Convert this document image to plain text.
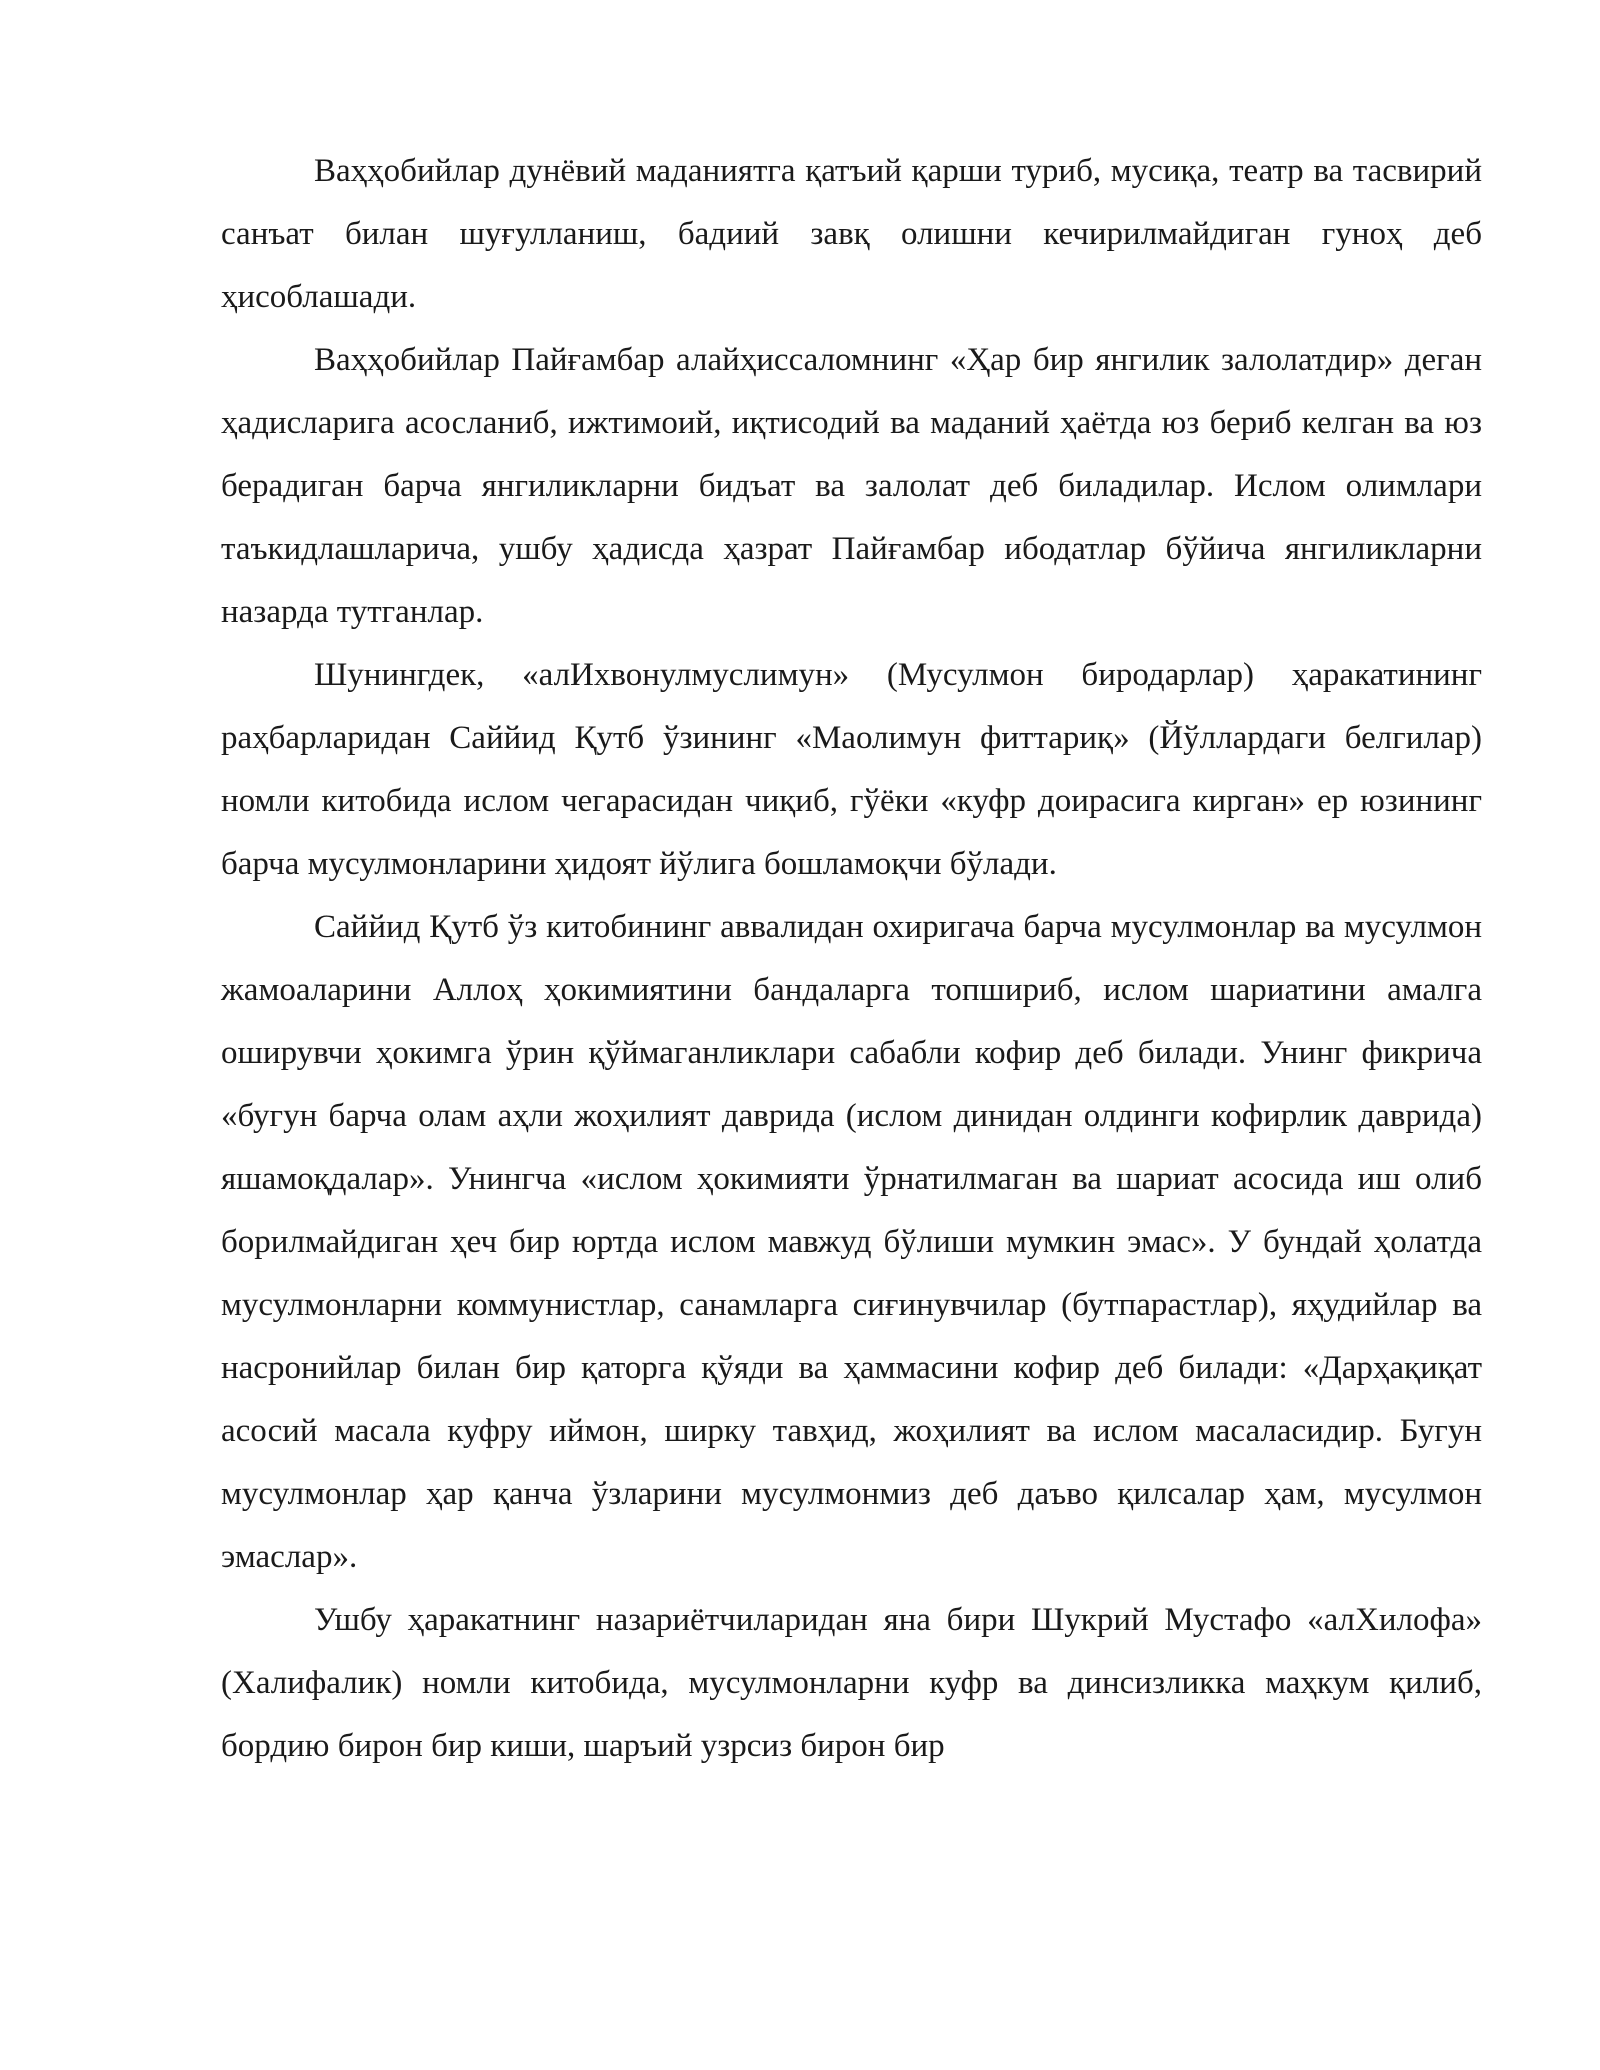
Ваҳҳобийлар дунёвий маданиятга қатъий қарши туриб, мусиқа, театр ва тасвирий санъат билан шуғулланиш, бадиий завқ олишни кечирилмайдиган гуноҳ деб ҳисоблашади.

Ваҳҳобийлар Пайғамбар алайҳиссаломнинг «Ҳар бир янгилик залолатдир» деган ҳадисларига асосланиб, ижтимоий, иқтисодий ва маданий ҳаётда юз бериб келган ва юз берадиган барча янгиликларни бидъат ва залолат деб биладилар. Ислом олимлари таъкидлашларича, ушбу ҳадисда ҳазрат Пайғамбар ибодатлар бўйича янгиликларни назарда тутганлар.

Шунингдек, «алИхвонулмуслимун» (Мусулмон биродарлар) ҳаракатининг раҳбарларидан Саййид Қутб ўзининг «Маолимун фиттариқ» (Йўллардаги белгилар) номли китобида ислом чегарасидан чиқиб, гўёки «куфр доирасига кирган» ер юзининг барча мусулмонларини ҳидоят йўлига бошламоқчи бўлади.

Саййид Қутб ўз китобининг аввалидан охиригача барча мусулмонлар ва мусулмон жамоаларини Аллоҳ ҳокимиятини бандаларга топшириб, ислом шариатини амалга оширувчи ҳокимга ўрин қўймаганликлари сабабли кофир деб билади. Унинг фикрича «бугун барча олам аҳли жоҳилият даврида (ислом динидан олдинги кофирлик даврида) яшамоқдалар». Унингча «ислом ҳокимияти ўрнатилмаган ва шариат асосида иш олиб борилмайдиган ҳеч бир юртда ислом мавжуд бўлиши мумкин эмас». У бундай ҳолатда мусулмонларни коммунистлар, санамларга сиғинувчилар (бутпарастлар), яҳудийлар ва насронийлар билан бир қаторга қўяди ва ҳаммасини кофир деб билади: «Дарҳақиқат асосий масала куфру иймон, ширку тавҳид, жоҳилият ва ислом масаласидир. Бугун мусулмонлар ҳар қанча ўзларини мусулмонмиз деб даъво қилсалар ҳам, мусулмон эмаслар».

Ушбу ҳаракатнинг назариётчиларидан яна бири Шукрий Мустафо «алХилофа» (Халифалик) номли китобида, мусулмонларни куфр ва динсизликка маҳкум қилиб, бордию бирон бир киши, шаръий узрсиз бирон бир
